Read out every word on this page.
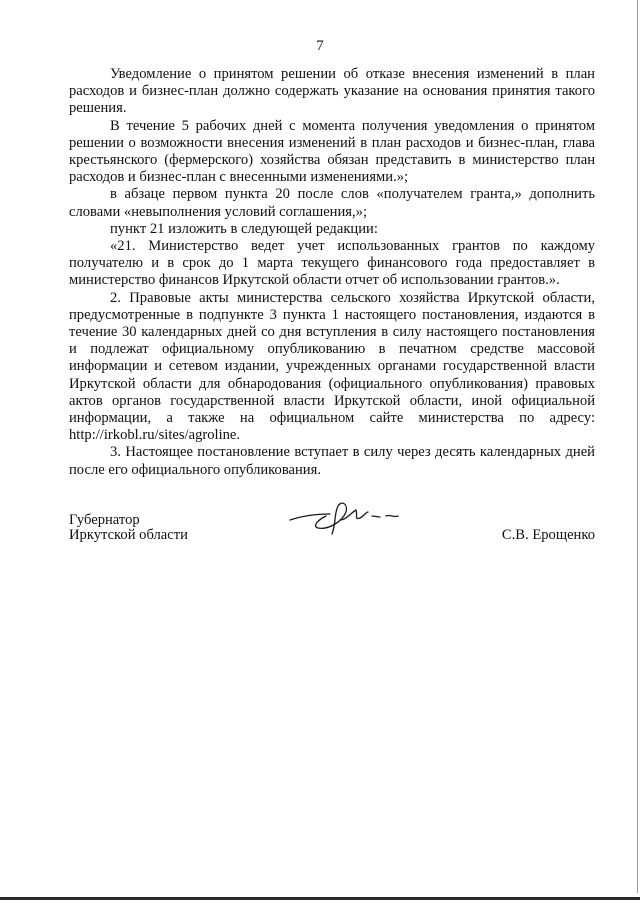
7

Уведомление о принятом решении об отказе внесения изменений в план расходов и бизнес-план должно содержать указание на основания принятия такого решения.

В течение 5 рабочих дней с момента получения уведомления о принятом решении о возможности внесения изменений в план расходов и бизнес-план, глава крестьянского (фермерского) хозяйства обязан представить в министерство план расходов и бизнес-план с внесенными изменениями.»;

в абзаце первом пункта 20 после слов «получателем гранта,» дополнить словами «невыполнения условий соглашения,»;

пункт 21 изложить в следующей редакции:

«21. Министерство ведет учет использованных грантов по каждому получателю и в срок до 1 марта текущего финансового года предоставляет в министерство финансов Иркутской области отчет об использовании грантов.».

2. Правовые акты министерства сельского хозяйства Иркутской области, предусмотренные в подпункте 3 пункта 1 настоящего постановления, издаются в течение 30 календарных дней со дня вступления в силу настоящего постановления и подлежат официальному опубликованию в печатном средстве массовой информации и сетевом издании, учрежденных органами государственной власти Иркутской области для обнародования (официального опубликования) правовых актов органов государственной власти Иркутской области, иной официальной информации, а также на официальном сайте министерства по адресу: http://irkobl.ru/sites/agroline.

3. Настоящее постановление вступает в силу через десять календарных дней после его официального опубликования.

Губернатор
Иркутской области	С.В. Ерощенко
